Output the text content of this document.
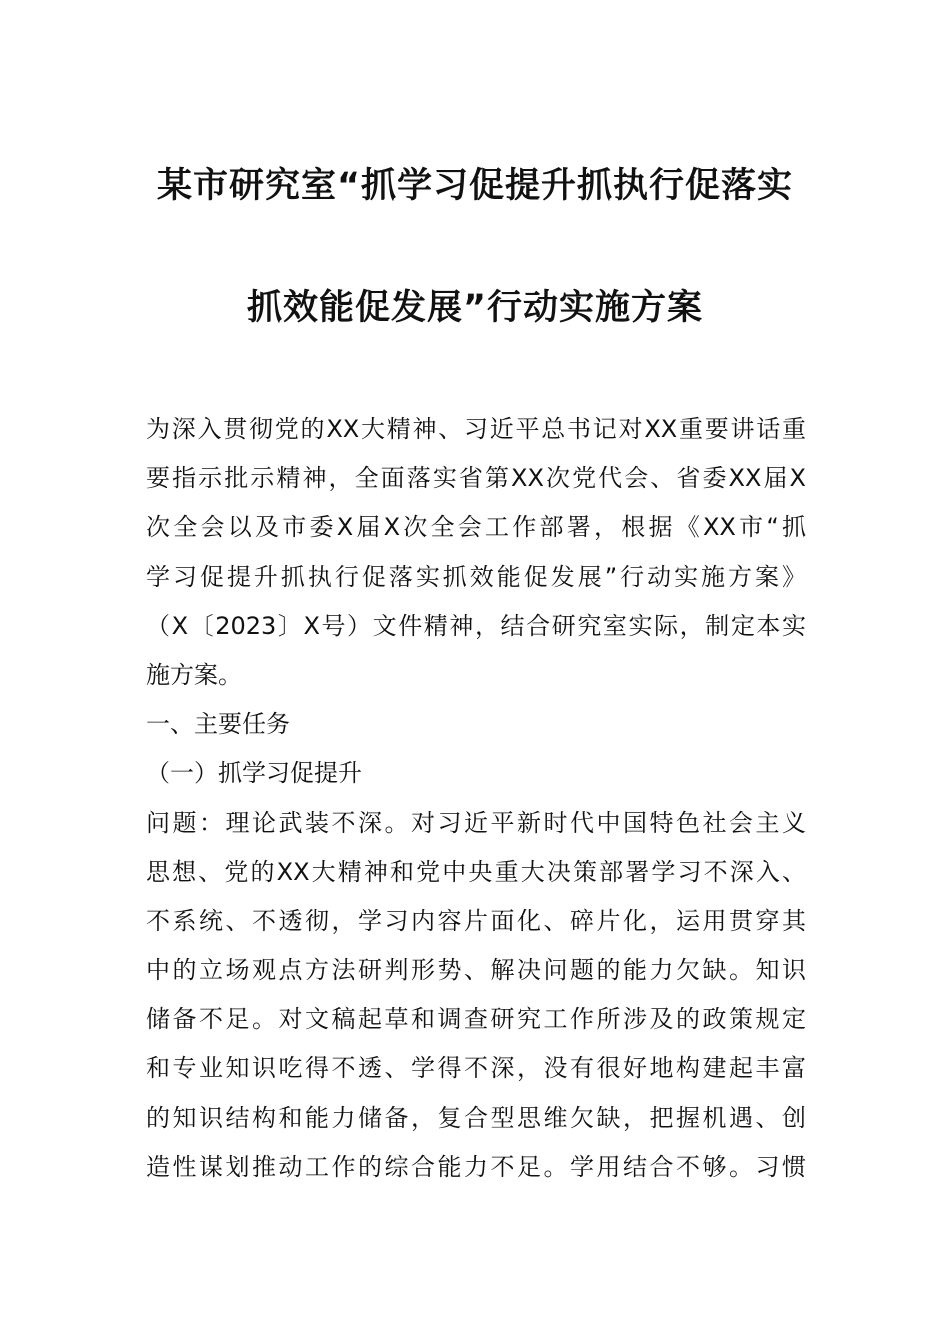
某市研究室“抓学习促提升抓执行促落实
抓效能促发展”行动实施方案
为深入贯彻党的XX大精神、习近平总书记对XX重要讲话重
要指示批示精神，全面落实省第XX次党代会、省委XX届X
次全会以及市委X届X次全会工作部署，根据《XX市“抓
学习促提升抓执行促落实抓效能促发展”行动实施方案》
（X〔2023〕X号）文件精神，结合研究室实际，制定本实
施方案。
一、主要任务
（一）抓学习促提升
问题：理论武装不深。对习近平新时代中国特色社会主义
思想、党的XX大精神和党中央重大决策部署学习不深入、
不系统、不透彻，学习内容片面化、碎片化，运用贯穿其
中的立场观点方法研判形势、解决问题的能力欠缺。知识
储备不足。对文稿起草和调查研究工作所涉及的政策规定
和专业知识吃得不透、学得不深，没有很好地构建起丰富
的知识结构和能力储备，复合型思维欠缺，把握机遇、创
造性谋划推动工作的综合能力不足。学用结合不够。习惯
